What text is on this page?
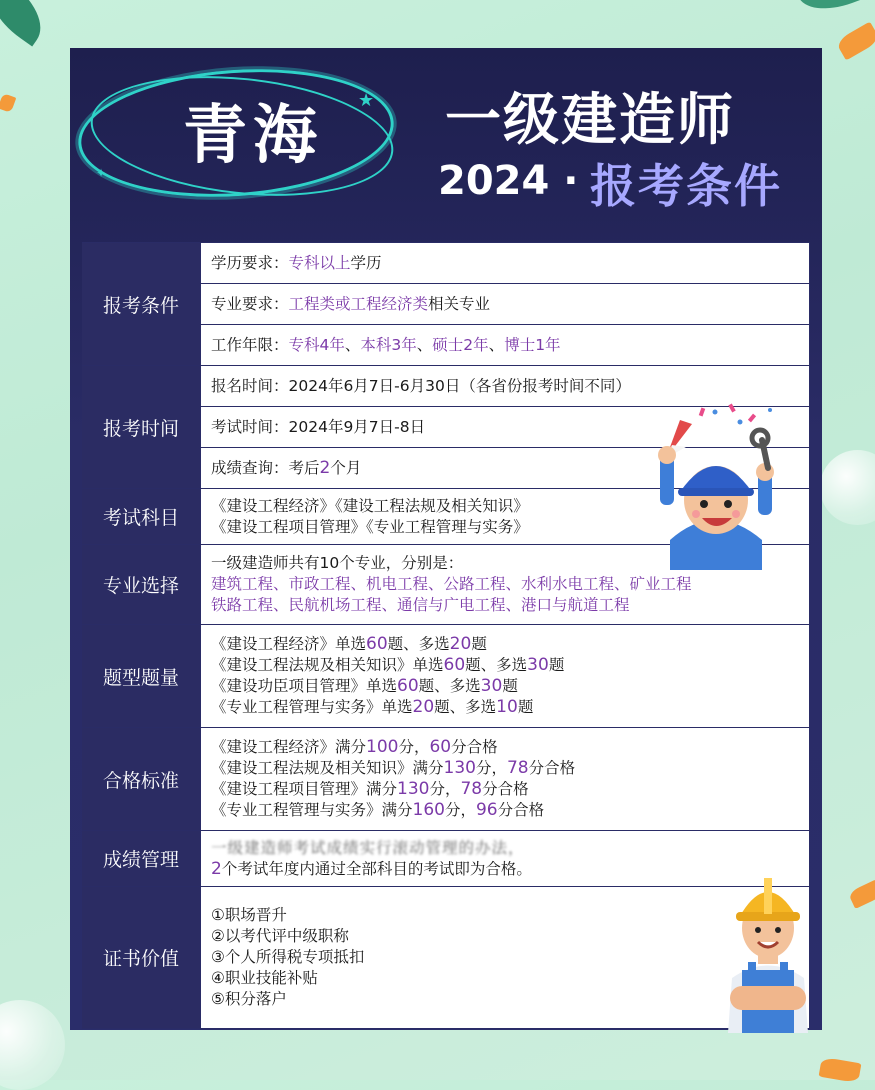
★
✦	青海	一级建造师
2024 · 报考条件
报考条件	学历要求：专科以上学历
	专业要求：工程类或工程经济类相关专业
	工作年限：专科4年、本科3年、硕士2年、博士1年
报考时间	报名时间：2024年6月7日-6月30日（各省份报考时间不同）
	考试时间：2024年9月7日-8日
	成绩查询：考后2个月
考试科目	《建设工程经济》《建设工程法规及相关知识》
《建设工程项目管理》《专业工程管理与实务》

专业选择	一级建造师共有10个专业，分别是：
建筑工程、市政工程、机电工程、公路工程、水利水电工程、矿业工程
铁路工程、民航机场工程、通信与广电工程、港口与航道工程

题型题量	《建设工程经济》单选60题、多选20题
《建设工程法规及相关知识》单选60题、多选30题
《建设功臣项目管理》单选60题、多选30题
《专业工程管理与实务》单选20题、多选10题

合格标准	《建设工程经济》满分100分，60分合格
《建设工程法规及相关知识》满分130分，78分合格
《建设工程项目管理》满分130分，78分合格
《专业工程管理与实务》满分160分，96分合格

成绩管理	一级建造师考试成绩实行滚动管理的办法，
2个考试年度内通过全部科目的考试即为合格。

证书价值	①职场晋升
②以考代评中级职称
③个人所得税专项抵扣
④职业技能补贴
⑤积分落户
